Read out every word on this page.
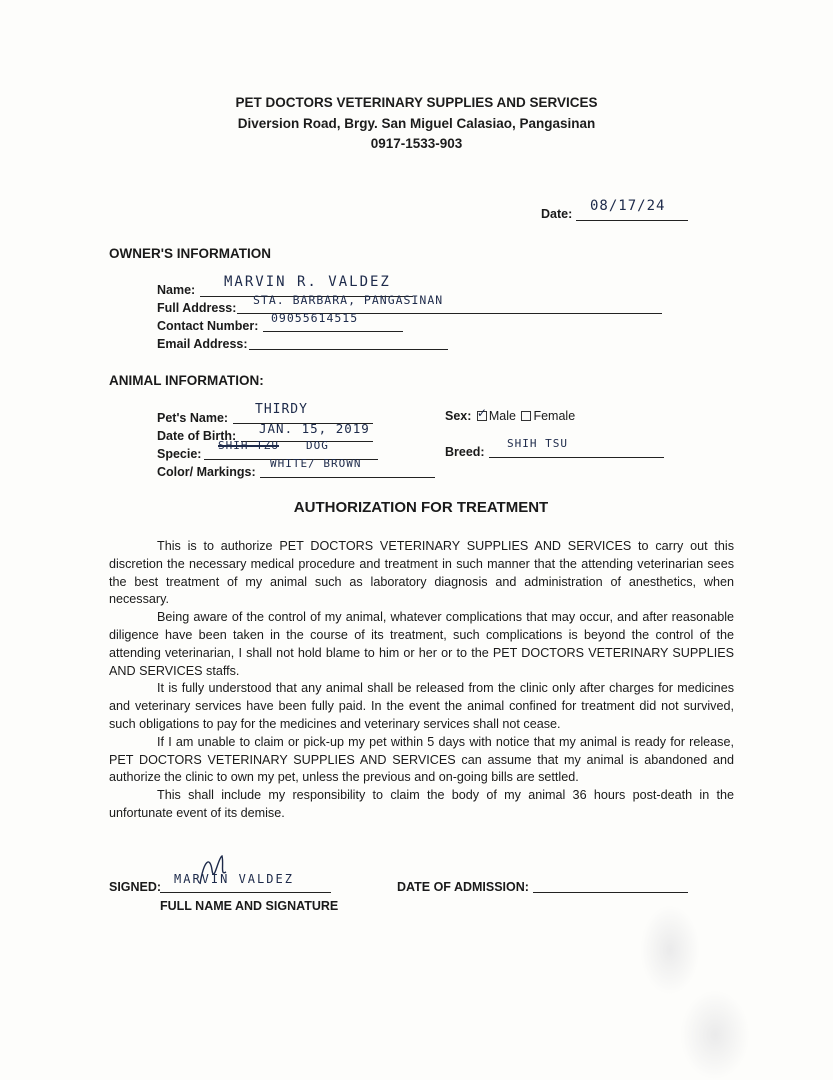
PET DOCTORS VETERINARY SUPPLIES AND SERVICES
Diversion Road, Brgy. San Miguel Calasiao, Pangasinan
0917-1533-903
Date: 08/17/24
OWNER'S INFORMATION
Name: MARVIN R. VALDEZ
Full Address:
STA. BARBARA, PANGASINAN
Contact Number:
09055614515
Email Address:
ANIMAL INFORMATION:
Pet's Name:
THIRDY
Date of Birth: JAN. 15, 2019
Specie:
SHIH TZU DOG
Color/ Markings:
WHITE/ BROWN
Sex: ✓ Male Female
Breed:
SHIH TSU
AUTHORIZATION FOR TREATMENT

This is to authorize PET DOCTORS VETERINARY SUPPLIES AND SERVICES to carry out this discretion the necessary medical procedure and treatment in such manner that the attending veterinarian sees the best treatment of my animal such as laboratory diagnosis and administration of anesthetics, when necessary.

Being aware of the control of my animal, whatever complications that may occur, and after reasonable diligence have been taken in the course of its treatment, such complications is beyond the control of the attending veterinarian, I shall not hold blame to him or her or to the PET DOCTORS VETERINARY SUPPLIES AND SERVICES staffs.

It is fully understood that any animal shall be released from the clinic only after charges for medicines and veterinary services have been fully paid. In the event the animal confined for treatment did not survived, such obligations to pay for the medicines and veterinary services shall not cease.

If I am unable to claim or pick-up my pet within 5 days with notice that my animal is ready for release, PET DOCTORS VETERINARY SUPPLIES AND SERVICES can assume that my animal is abandoned and authorize the clinic to own my pet, unless the previous and on-going bills are settled.

This shall include my responsibility to claim the body of my animal 36 hours post-death in the unfortunate event of its demise.

SIGNED:
MARVIN VALDEZ
FULL NAME AND SIGNATURE
DATE OF ADMISSION:
